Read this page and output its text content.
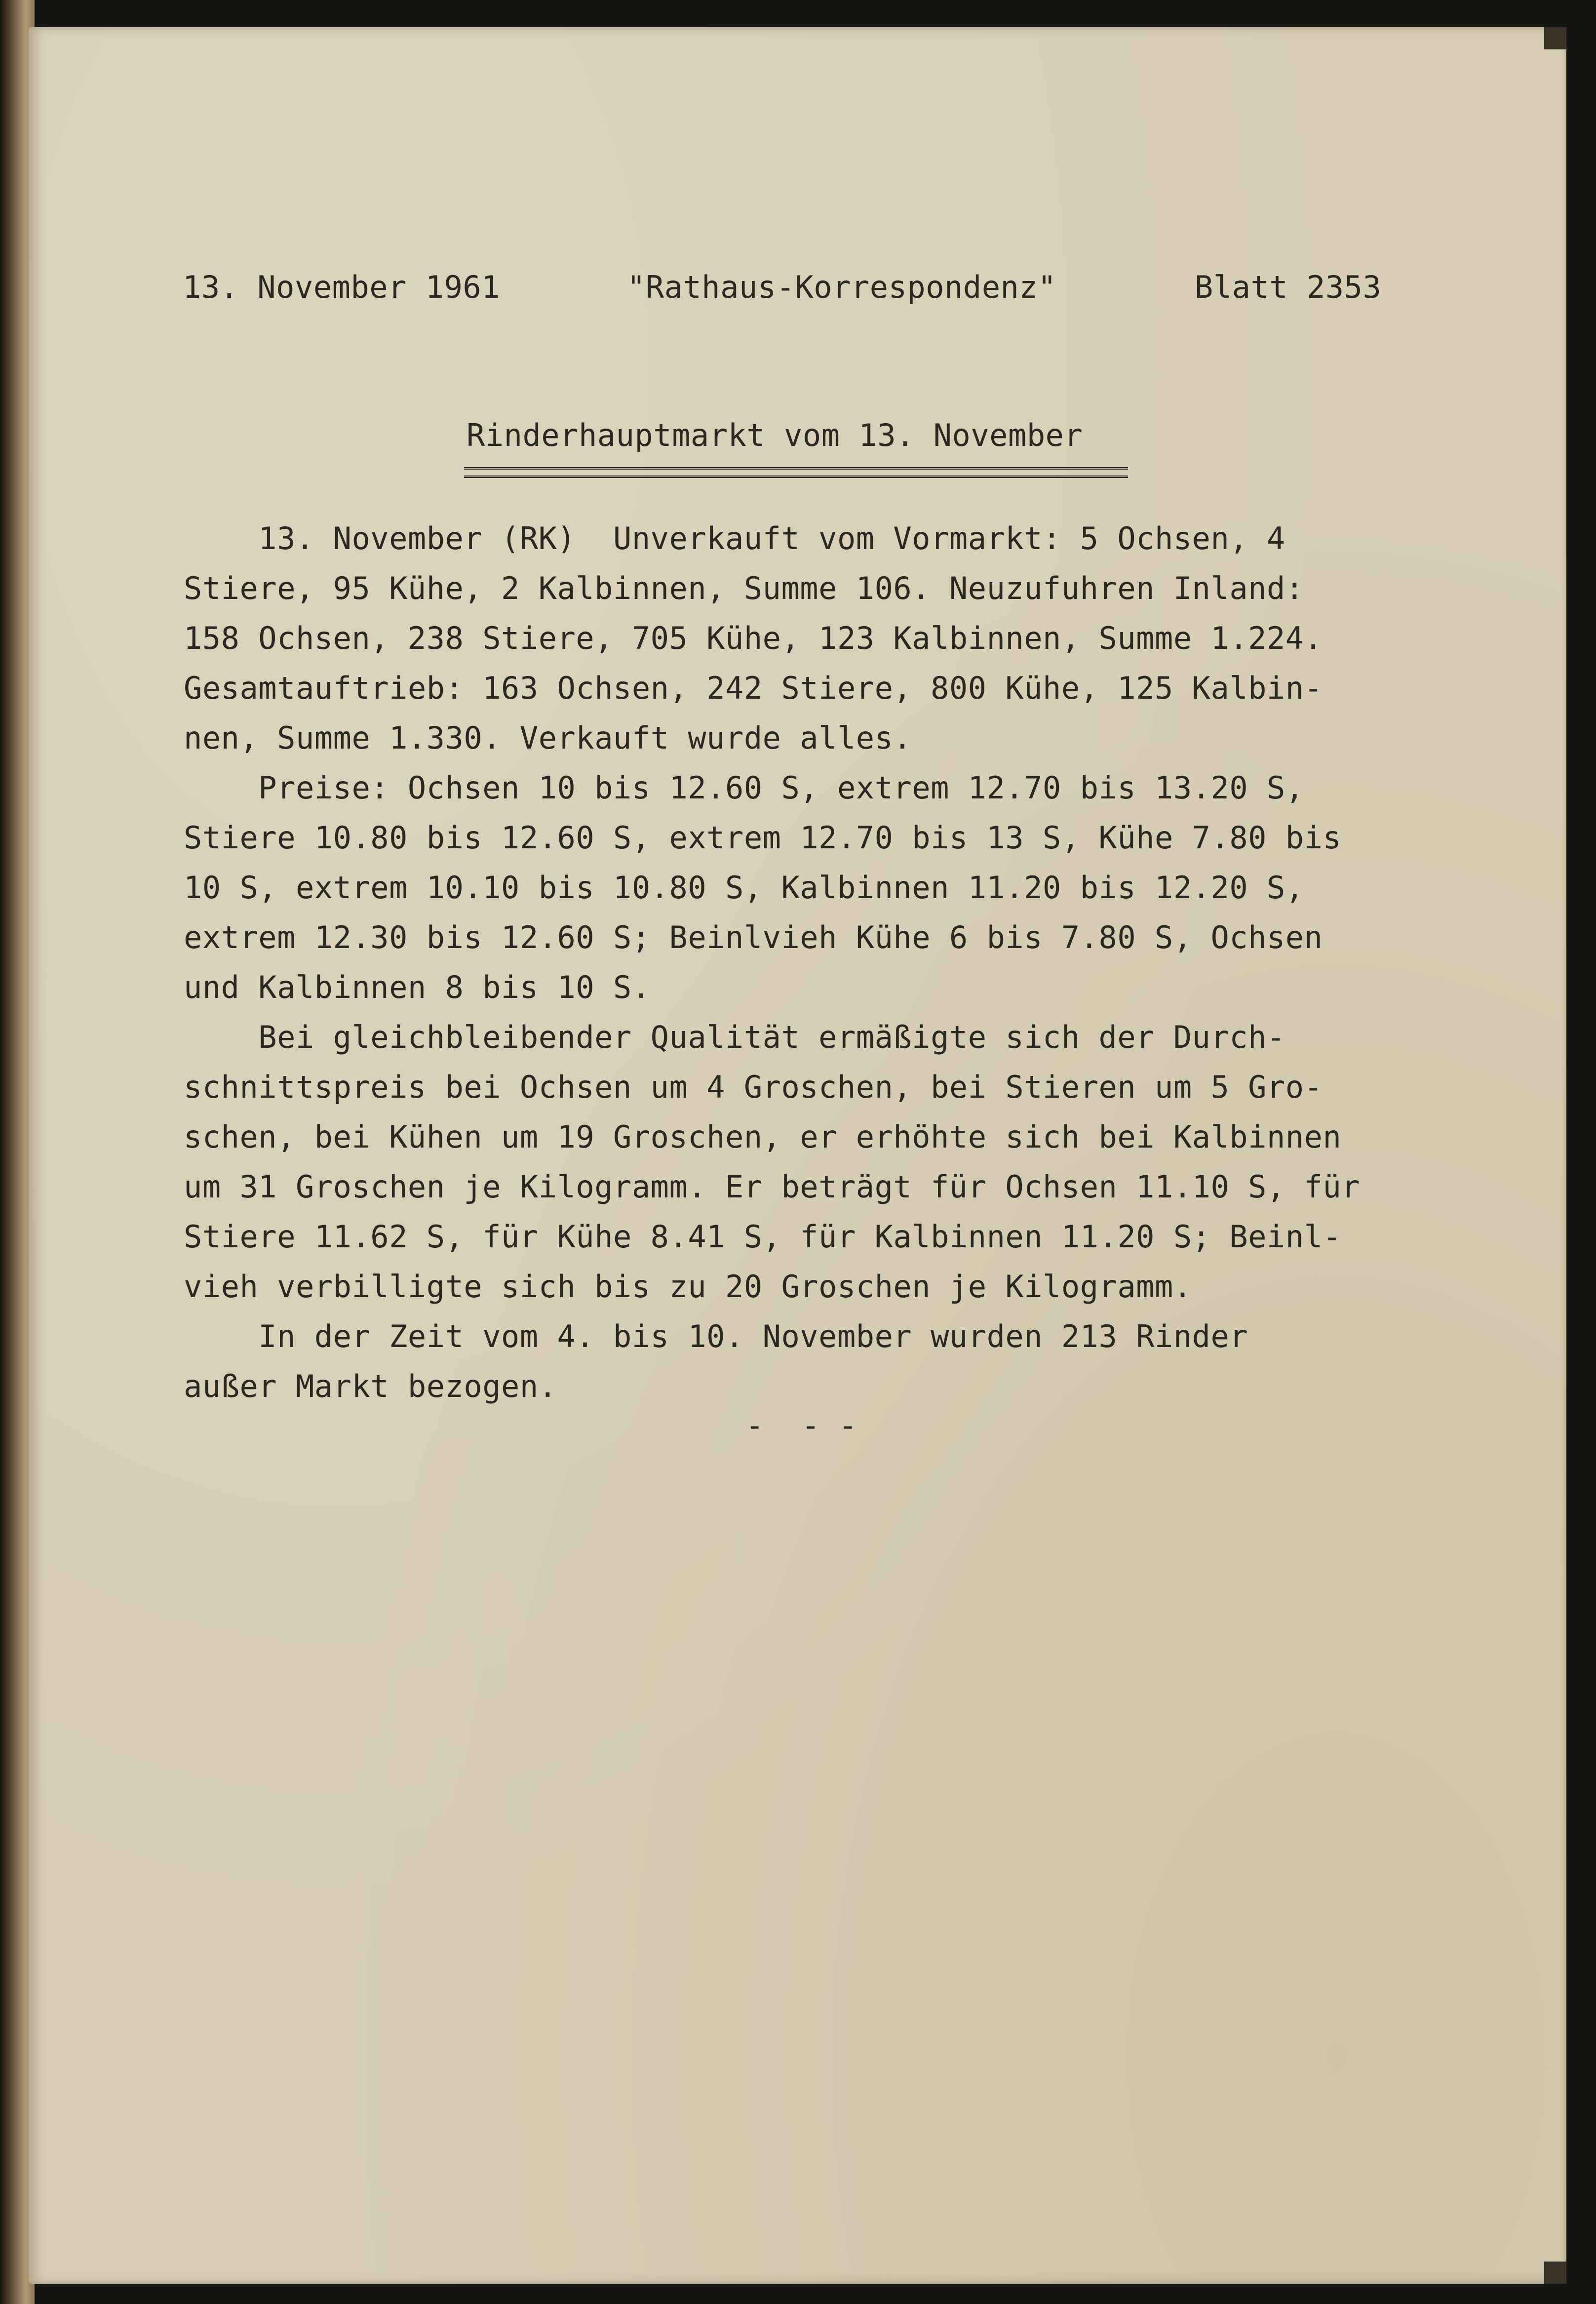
13. November 1961	"Rathaus-Korrespondenz"	Blatt 2353
Rinderhauptmarkt vom 13. November
13. November (RK)  Unverkauft vom Vormarkt: 5 Ochsen, 4
Stiere, 95 Kühe, 2 Kalbinnen, Summe 106. Neuzufuhren Inland:
158 Ochsen, 238 Stiere, 705 Kühe, 123 Kalbinnen, Summe 1.224.
Gesamtauftrieb: 163 Ochsen, 242 Stiere, 800 Kühe, 125 Kalbin-
nen, Summe 1.330. Verkauft wurde alles.
Preise: Ochsen 10 bis 12.60 S, extrem 12.70 bis 13.20 S,
Stiere 10.80 bis 12.60 S, extrem 12.70 bis 13 S, Kühe 7.80 bis
10 S, extrem 10.10 bis 10.80 S, Kalbinnen 11.20 bis 12.20 S,
extrem 12.30 bis 12.60 S; Beinlvieh Kühe 6 bis 7.80 S, Ochsen
und Kalbinnen 8 bis 10 S.
Bei gleichbleibender Qualität ermäßigte sich der Durch-
schnittspreis bei Ochsen um 4 Groschen, bei Stieren um 5 Gro-
schen, bei Kühen um 19 Groschen, er erhöhte sich bei Kalbinnen
um 31 Groschen je Kilogramm. Er beträgt für Ochsen 11.10 S, für
Stiere 11.62 S, für Kühe 8.41 S, für Kalbinnen 11.20 S; Beinl-
vieh verbilligte sich bis zu 20 Groschen je Kilogramm.
In der Zeit vom 4. bis 10. November wurden 213 Rinder
außer Markt bezogen.
-  - -
